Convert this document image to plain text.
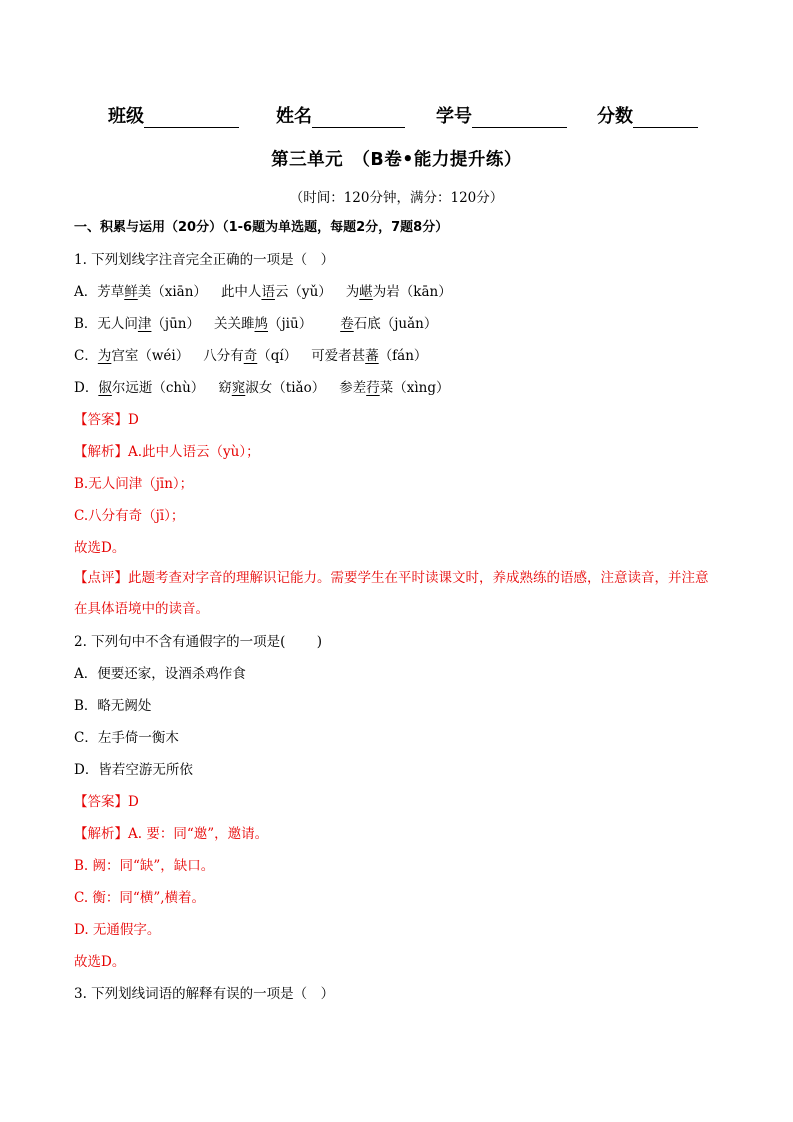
班级	姓名	学号	分数
第三单元　（B卷•能力提升练）
（时间：120分钟，满分：120分）
一、积累与运用（20分）（1-6题为单选题，每题2分，7题8分）
1. 下列划线字注音完全正确的一项是（　）
A．芳草鲜美（xiān） 此中人语云（yǔ） 为嵁为岩（kān）
B．无人问津（jūn） 关关雎鸠（jiū） 卷石底（juǎn）
C．为宫室（wéi） 八分有奇（qí） 可爱者甚蕃（fán）
D．俶尔远逝（chù） 窈窕淑女（tiǎo） 参差荇菜（xìng）
【答案】D
【解析】A.此中人语云（yù）；
B.无人问津（jīn）；
C.八分有奇（jī）；
故选D。
【点评】此题考查对字音的理解识记能力。需要学生在平时读课文时，养成熟练的语感，注意读音，并注意在具体语境中的读音。
2. 下列句中不含有通假字的一项是(　　 )
A．便要还家，设酒杀鸡作食
B．略无阙处
C．左手倚一衡木
D．皆若空游无所依
【答案】D
【解析】A. 要：同“邀”，邀请。
B. 阙：同“缺”，缺口。
C. 衡：同“横”,横着。
D. 无通假字。
故选D。
3. 下列划线词语的解释有误的一项是（　）
